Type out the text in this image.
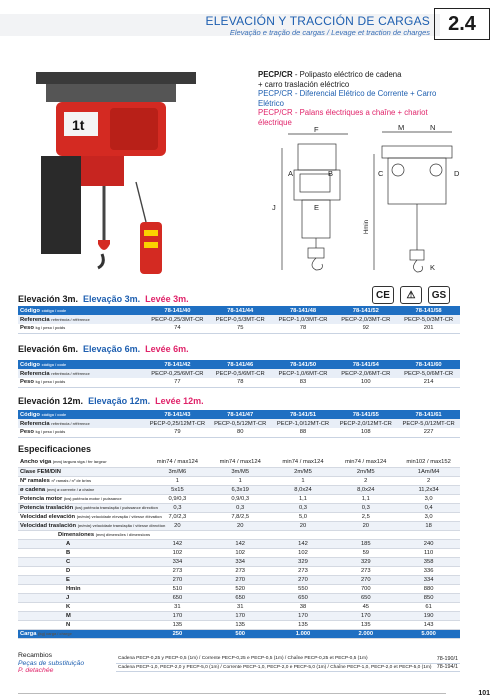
ELEVACIÓN Y TRACCIÓN DE CARGAS
Elevação e tração de cargas / Levage et traction de charges 2.4
1t
PECP/CR - Polipasto eléctrico de cadena
+ carro traslación eléctrico
PECP/CR - Diferencial Elétrico de Corrente + Carro Elétrico
PECP/CR - Palans électriques a chaîne + chariot électrique
F	M	N
A	B	C	D
E
J
Hmin
K
CE	⚠	GS
Elevación 3m. Elevação 3m. Levée 3m.
Código código / code	78-141/40	78-141/44	78-141/48	78-141/52	78-141/58
Referencia referência / référence	PECP-0,25/3MT-CR	PECP-0,5/3MT-CR	PECP-1,0/3MT-CR	PECP-2,0/3MT-CR	PECP-5,0/3MT-CR
Peso kg / peso / poids	74	75	78	92	201
Elevación 6m. Elevação 6m. Levée 6m.
Código código / code	78-141/42	78-141/46	78-141/50	78-141/54	78-141/60
Referencia referência / référence	PECP-0,25/6MT-CR	PECP-0,5/6MT-CR	PECP-1,0/6MT-CR	PECP-2,0/6MT-CR	PECP-5,0/6MT-CR
Peso kg / peso / poids	77	78	83	100	214
Elevación 12m. Elevação 12m. Levée 12m.
Código código / code	78-141/43	78-141/47	78-141/51	78-141/55	78-141/61
Referencia referência / référence	PECP-0,25/12MT-CR	PECP-0,5/12MT-CR	PECP-1,0/12MT-CR	PECP-2,0/12MT-CR	PECP-5,0/12MT-CR
Peso kg / peso / poids	79	80	88	108	227
Especificaciones
Ancho viga (mm) largura viga / fer largeur	min74 / max124	min74 / max124	min74 / max124	min74 / max124	min102 / max152
Clase FEM/DIN	3m/M6	3m/M5	2m/M5	2m/M5	1Am/M4
Nº ramales nº ramais / nº de brins	1	1	1	2	2
ø cadena (mm) ø corrente / ø chaîne	5x15	6,3x19	8,0x24	8,0x24	11,2x34
Potencia motor (kw) potência motor / puissance	0,9/0,3	0,9/0,3	1,1	1,1	3,0
Potencia traslación (kw) potência translação / puissance direction	0,3	0,3	0,3	0,3	0,4
Velocidad elevación (m/min) velocidade elevação / vitesse élévation	7,0/2,3	7,8/2,5	5,0	2,5	3,0
Velocidad traslación (m/min) velocidade translação / vitesse direction	20	20	20	20	18
Dimensiones (mm) dimensões / dimensions					
A	142	142	142	185	240
B	102	102	102	59	110
C	334	334	329	329	358
D	273	273	273	273	336
E	270	270	270	270	334
Hmin	510	520	550	700	880
J	650	650	650	650	850
K	31	31	38	45	61
M	170	170	170	170	190
N	135	135	135	135	143
Carga (kg) carga / charge	250	500	1.000	2.000	5.000
Recambios
Peças de substituição
P. detachée
Cadena PECP-0,25 y PECP-0,5 (1m) / Corrente PECP-0,25 e PECP-0,5 (1m) / Chaîne PECP-0,25 et PECP-0,5 (1m)	78-190/1
Cadena PECP-1,0, PECP-2,0 y PECP-5,0 (1m) / Corrente PECP-1,0, PECP-2,0 e PECP-5,0 (1m) / Chaîne PECP-1,0, PECP-2,0 et PECP-5,0 (1m)	78-194/1
101
